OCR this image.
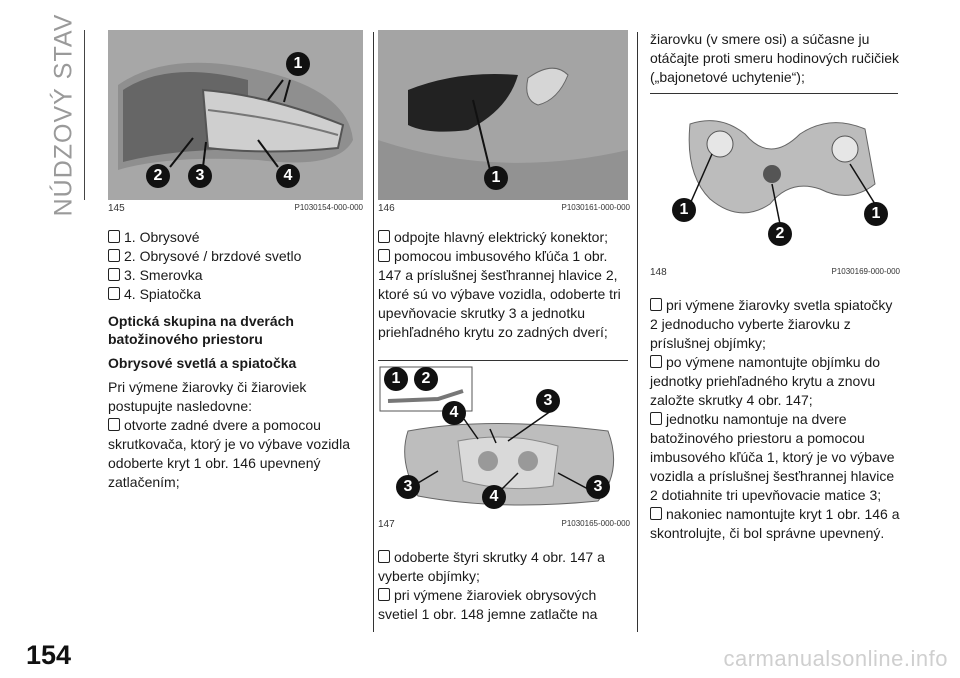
NÚDZOVÝ STAV	1
2	3	4
145	P1030154-000-000

1. Obrysové

2. Obrysové / brzdové svetlo

3. Smerovka

4. Spiatočka

Optická skupina na dverách batožinového priestoru

Obrysové svetlá a spiatočka

Pri výmene žiarovky či žiaroviek postupujte nasledovne:

otvorte zadné dvere a pomocou skrutkovača, ktorý je vo výbave vozidla odoberte kryt 1 obr. 146 upevnený zatlačením;

1
146	P1030161-000-000

odpojte hlavný elektrický konektor;

pomocou imbusového kľúča 1 obr. 147 a príslušnej šesťhrannej hlavice 2, ktoré sú vo výbave vozidla, odoberte tri upevňovacie skrutky 3 a jednotku priehľadného krytu zo zadných dverí;

1	2
3
4
3
4
3
147	P1030165-000-000

odoberte štyri skrutky 4 obr. 147 a vyberte objímky;

pri výmene žiaroviek obrysových svetiel 1 obr. 148 jemne zatlačte na

žiarovku (v smere osi) a súčasne ju otáčajte proti smeru hodinových ručičiek („bajonetové uchytenie“);

1	1
2
148	P1030169-000-000

pri výmene žiarovky svetla spiatočky 2 jednoducho vyberte žiarovku z príslušnej objímky;

po výmene namontujte objímku do jednotky priehľadného krytu a znovu založte skrutky 4 obr. 147;

jednotku namontuje na dvere batožinového priestoru a pomocou imbusového kľúča 1, ktorý je vo výbave vozidla a príslušnej šesťhrannej hlavice 2 dotiahnite tri upevňovacie matice 3;

nakoniec namontujte kryt 1 obr. 146 a skontrolujte, či bol správne upevnený.

154	carmanualsonline.info
